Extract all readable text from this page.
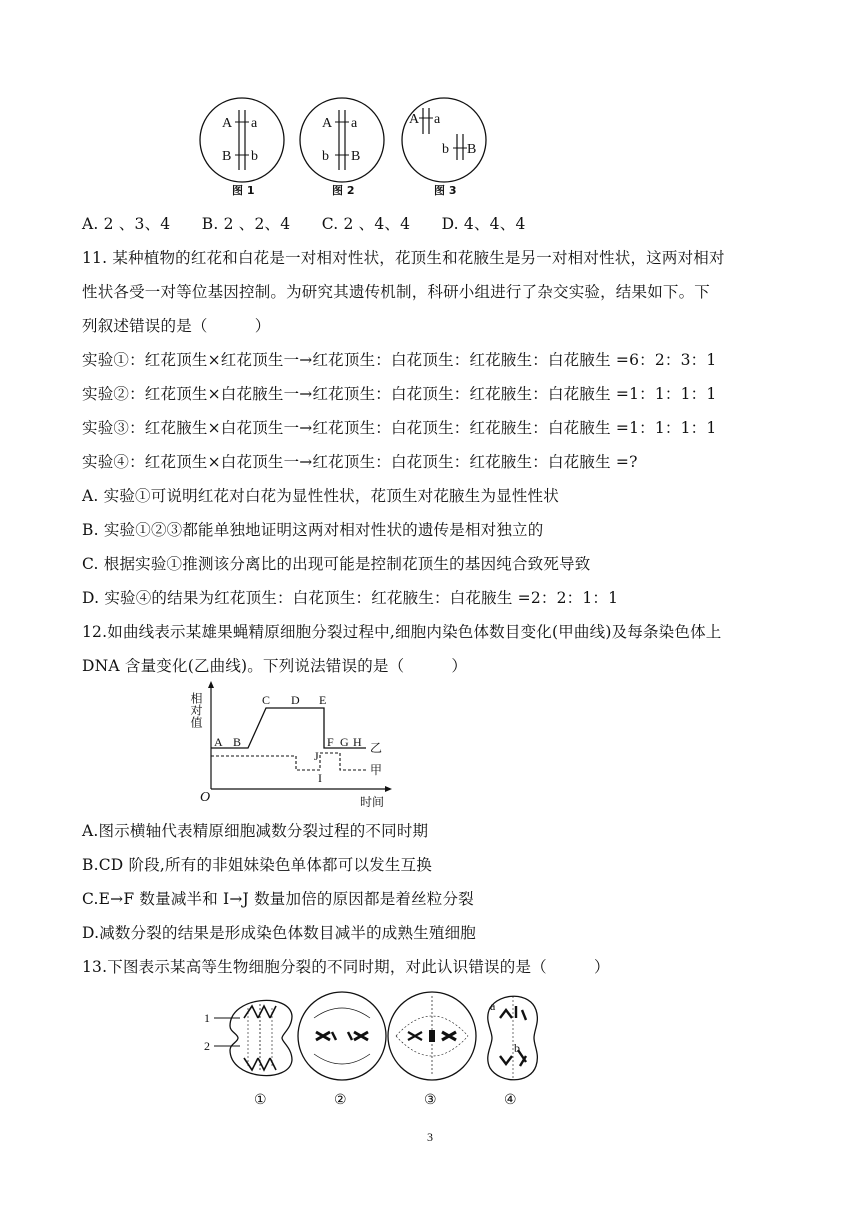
A a
B b
图 1
A a
b B
图 2
A a
b B
图 3
A. 2 、3、4　　B. 2 、2、4　　C. 2 、4、4　　D. 4、4、4
11. 某种植物的红花和白花是一对相对性状，花顶生和花腋生是另一对相对性状，这两对相对
性状各受一对等位基因控制。为研究其遗传机制，科研小组进行了杂交实验，结果如下。下
列叙述错误的是（　　　）
实验①：红花顶生×红花顶生一→红花顶生：白花顶生：红花腋生：白花腋生 =6：2：3：1
实验②：红花顶生×白花腋生一→红花顶生：白花顶生：红花腋生：白花腋生 =1：1：1：1
实验③：红花腋生×白花顶生一→红花顶生：白花顶生：红花腋生：白花腋生 =1：1：1：1
实验④：红花顶生×白花顶生一→红花顶生：白花顶生：红花腋生：白花腋生 =?
A. 实验①可说明红花对白花为显性性状，花顶生对花腋生为显性性状
B. 实验①②③都能单独地证明这两对相对性状的遗传是相对独立的
C. 根据实验①推测该分离比的出现可能是控制花顶生的基因纯合致死导致
D. 实验④的结果为红花顶生：白花顶生：红花腋生：白花腋生 =2：2：1：1
12.如曲线表示某雄果蝇精原细胞分裂过程中,细胞内染色体数目变化(甲曲线)及每条染色体上
DNA 含量变化(乙曲线)。下列说法错误的是（　　　）
相对值
O	时间
A B
C D E
F G H
I
J
乙
甲
A.图示横轴代表精原细胞减数分裂过程的不同时期
B.CD 阶段,所有的非姐妹染色单体都可以发生互换
C.E→F 数量减半和 I→J 数量加倍的原因都是着丝粒分裂
D.减数分裂的结果是形成染色体数目减半的成熟生殖细胞
13.下图表示某高等生物细胞分裂的不同时期，对此认识错误的是（　　　）
1
2
①	②	③
a
b
④
3
